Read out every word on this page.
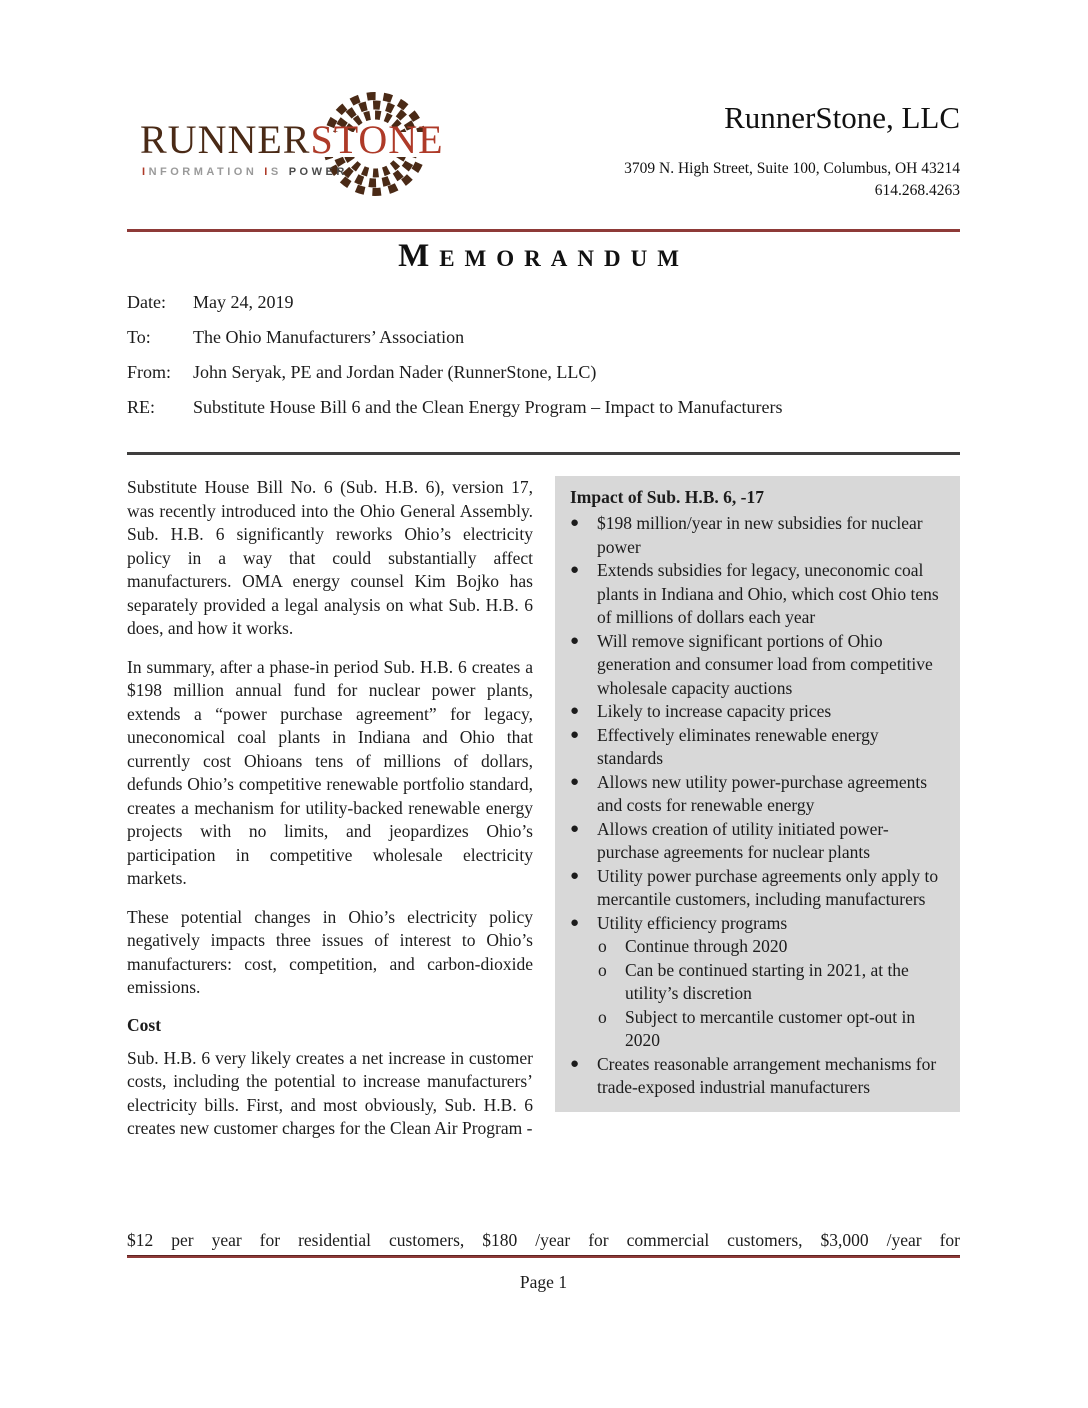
RUNNERSTONE
INFORMATION IS POWER
RunnerStone, LLC
3709 N. High Street, Suite 100, Columbus, OH 43214
614.268.4263
Memorandum
Date:	May 24, 2019
To:	The Ohio Manufacturers’ Association
From:	John Seryak, PE and Jordan Nader (RunnerStone, LLC)
RE:	Substitute House Bill 6 and the Clean Energy Program – Impact to Manufacturers

Substitute House Bill No. 6 (Sub. H.B. 6), version 17, was recently introduced into the Ohio General Assembly. Sub. H.B. 6 significantly reworks Ohio’s electricity policy in a way that could substantially affect manufacturers. OMA energy counsel Kim Bojko has separately provided a legal analysis on what Sub. H.B. 6 does, and how it works.

In summary, after a phase-in period Sub. H.B. 6 creates a $198 million annual fund for nuclear power plants, extends a “power purchase agreement” for legacy, uneconomical coal plants in Indiana and Ohio that currently cost Ohioans tens of millions of dollars, defunds Ohio’s competitive renewable portfolio standard, creates a mechanism for utility-backed renewable energy projects with no limits, and jeopardizes Ohio’s participation in competitive wholesale electricity markets.

These potential changes in Ohio’s electricity policy negatively impacts three issues of interest to Ohio’s manufacturers: cost, competition, and carbon-dioxide emissions.

Cost

Sub. H.B. 6 very likely creates a net increase in customer costs, including the potential to increase manufacturers’ electricity bills. First, and most obviously, Sub. H.B. 6 creates new customer charges for the Clean Air Program -

Impact of Sub. H.B. 6, -17
●	$198 million/year in new subsidies for nuclear power
●	Extends subsidies for legacy, uneconomic coal plants in Indiana and Ohio, which cost Ohio tens of millions of dollars each year
●	Will remove significant portions of Ohio generation and consumer load from competitive wholesale capacity auctions
●	Likely to increase capacity prices
●	Effectively eliminates renewable energy standards
●	Allows new utility power-purchase agreements and costs for renewable energy
●	Allows creation of utility initiated power-purchase agreements for nuclear plants
●	Utility power purchase agreements only apply to mercantile customers, including manufacturers
●	Utility efficiency programs
o	Continue through 2020
o	Can be continued starting in 2021, at the utility’s discretion
o	Subject to mercantile customer opt-out in 2020
●	Creates reasonable arrangement mechanisms for trade-exposed industrial manufacturers
$12 per year for residential customers, $180 /year for commercial customers, $3,000 /year for
Page 1
